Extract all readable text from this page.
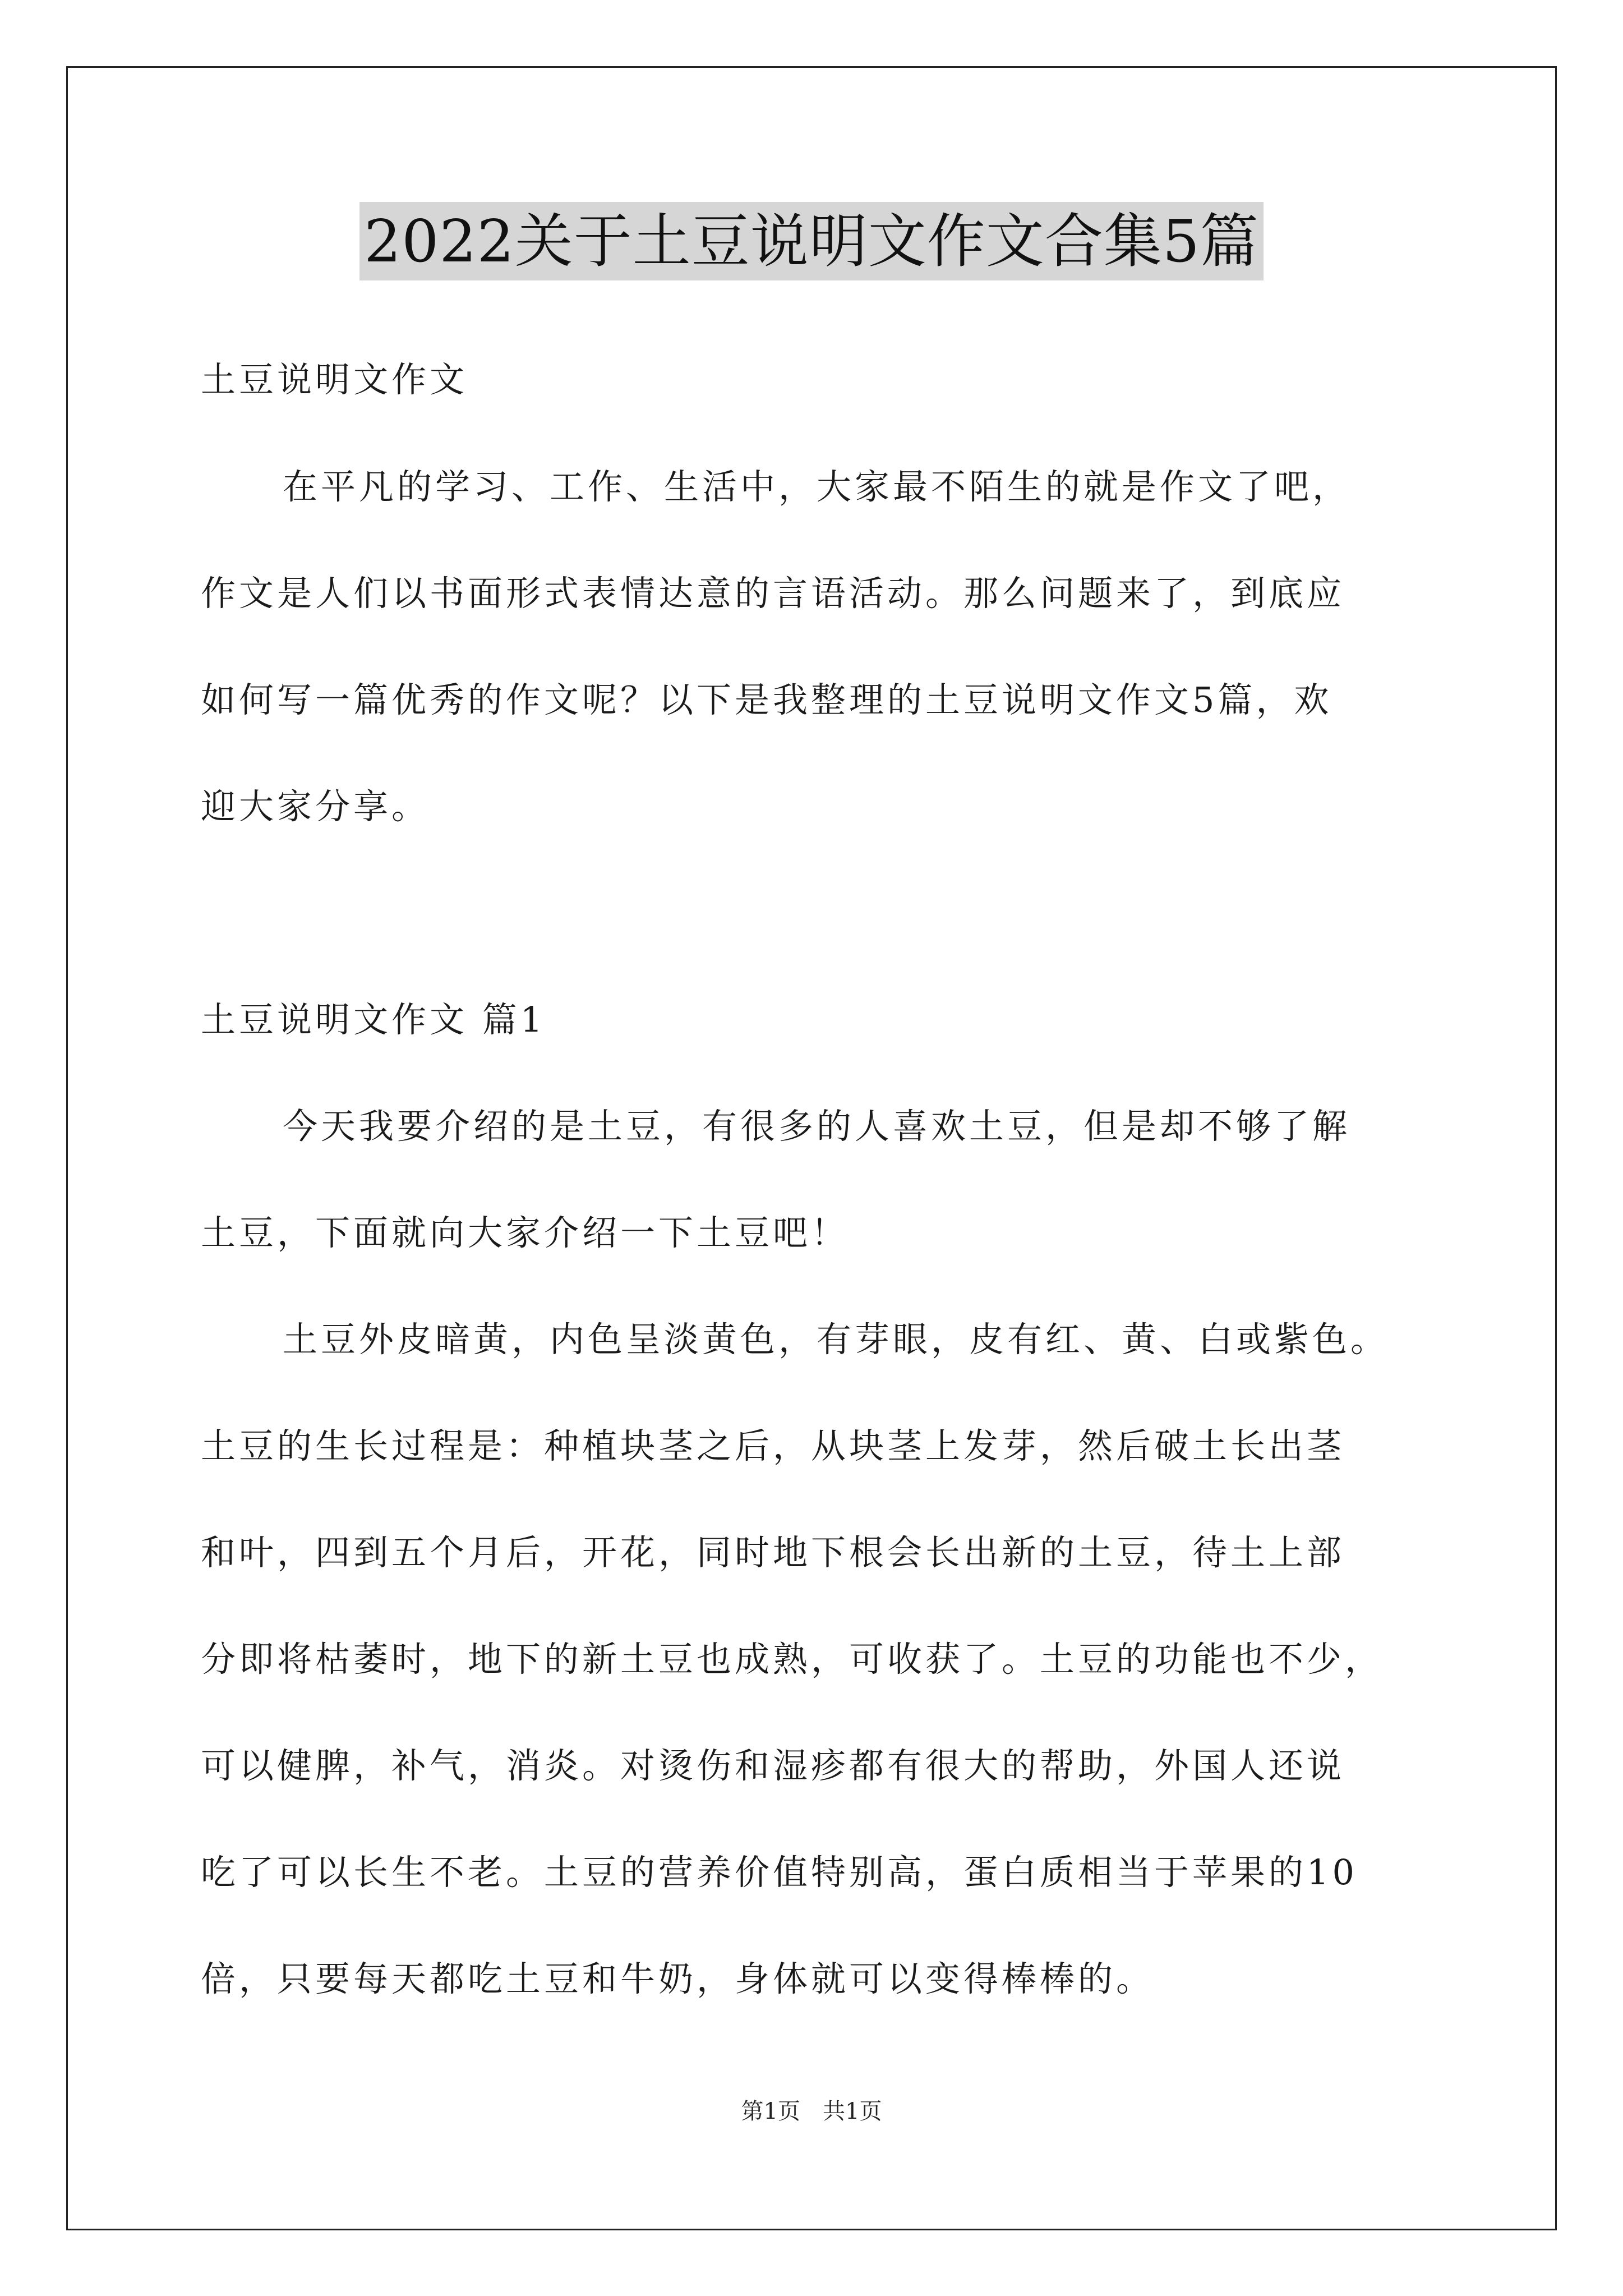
2022关于土豆说明文作文合集5篇
土豆说明文作文
在平凡的学习、工作、生活中，大家最不陌生的就是作文了吧，
作文是人们以书面形式表情达意的言语活动。那么问题来了，到底应
如何写一篇优秀的作文呢？以下是我整理的土豆说明文作文5篇，欢
迎大家分享。
土豆说明文作文 篇1
今天我要介绍的是土豆，有很多的人喜欢土豆，但是却不够了解
土豆，下面就向大家介绍一下土豆吧！
土豆外皮暗黄，内色呈淡黄色，有芽眼，皮有红、黄、白或紫色。
土豆的生长过程是：种植块茎之后，从块茎上发芽，然后破土长出茎
和叶，四到五个月后，开花，同时地下根会长出新的土豆，待土上部
分即将枯萎时，地下的新土豆也成熟，可收获了。土豆的功能也不少，
可以健脾，补气，消炎。对烫伤和湿疹都有很大的帮助，外国人还说
吃了可以长生不老。土豆的营养价值特别高，蛋白质相当于苹果的10
倍，只要每天都吃土豆和牛奶，身体就可以变得棒棒的。
第1页　共1页
